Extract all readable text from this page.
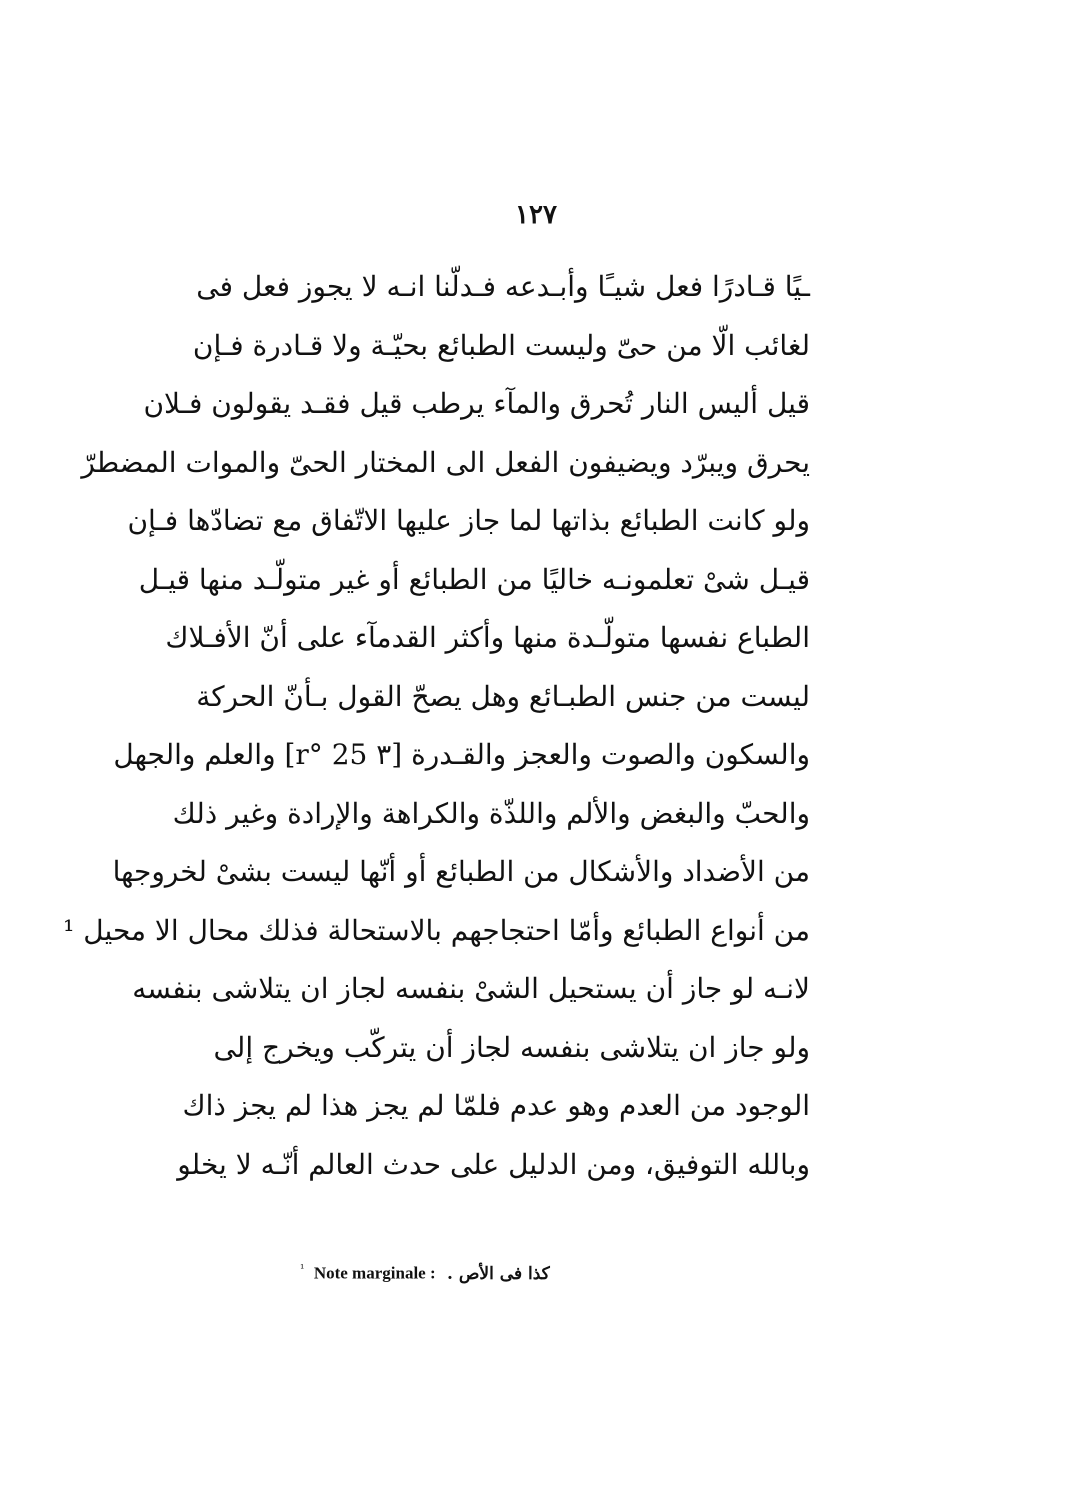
١٢٧
ـيًا قـادرًا فعل شيـًا وأبـدعه فـدلّنا انـه لا يجوز فعل فى
لغائب الّا من حىّ وليست الطبائع بحيّـة ولا قـادرة فـإن
قيل أليس النار تُحرق والمآء يرطب قيل فقـد يقولون فـلان
يحرق ويبرّد ويضيفون الفعل الى المختار الحىّ والموات المضطرّ
ولو كانت الطبائع بذاتها لما جاز عليها الاتّفاق مع تضادّها فـإن
قيـل شىْ تعلمونـه خاليًا من الطبائع أو غير متولّـد منها قيـل
الطباع نفسها متولّـدة منها وأكثر القدمآء على أنّ الأفـلاك
ليست من جنس الطبـائع وهل يصحّ القول بـأنّ الحركة
والسكون والصوت والعجز والقـدرة [r° 25 ۳] والعلم والجهل
والحبّ والبغض والألم واللذّة والكراهة والإرادة وغير ذلك
من الأضداد والأشكال من الطبائع أو أنّها ليست بشىْ لخروجها
من أنواع الطبائع وأمّا احتجاجهم بالاستحالة فذلك محال الا محيل ¹
لانـه لو جاز أن يستحيل الشىْ بنفسه لجاز ان يتلاشى بنفسه
ولو جاز ان يتلاشى بنفسه لجاز أن يتركّب ويخرج إلى
الوجود من العدم وهو عدم فلمّا لم يجز هذا لم يجز ذاك
وبالله التوفيق، ومن الدليل على حدث العالم أنّـه لا يخلو
$^{^1}$ Note marginale : كذا فى الأص .
